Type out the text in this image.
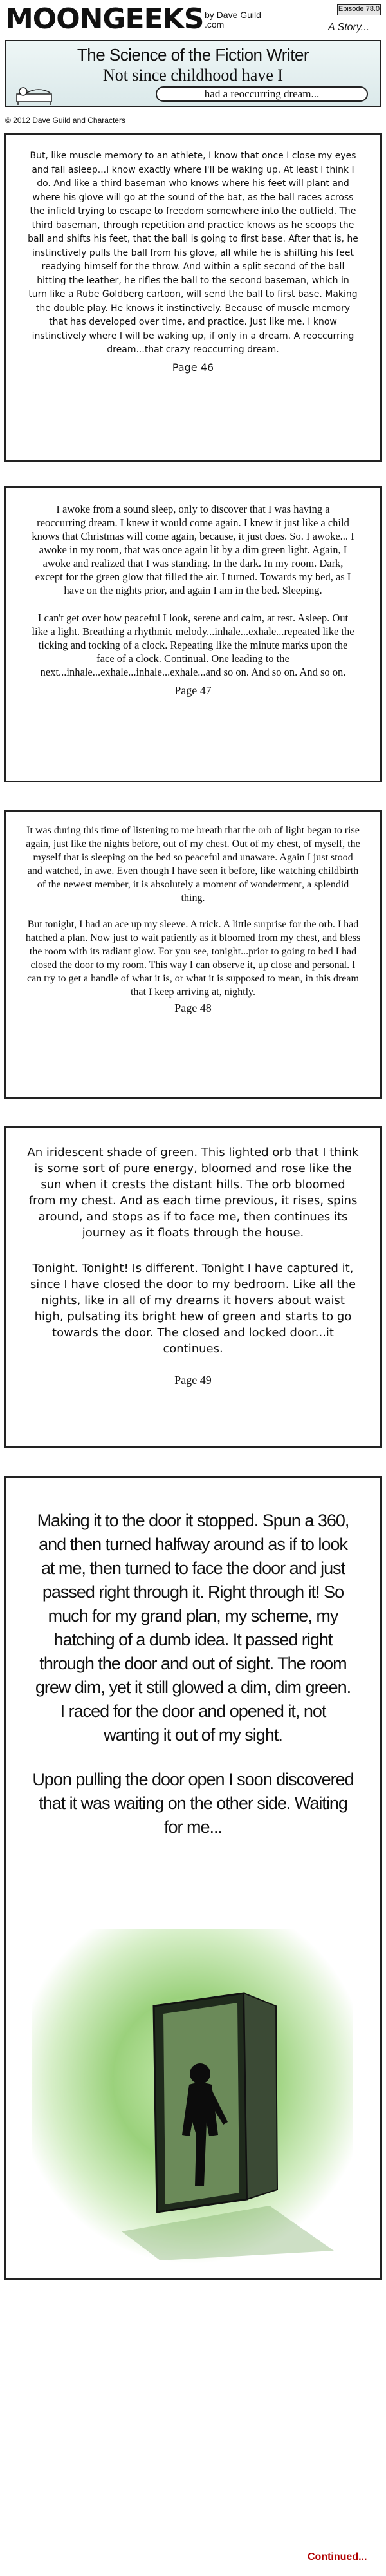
MOONGEEKS by Dave Guild
.com
Episode 78.0
A Story...
The Science of the Fiction Writer
Not since childhood have I
had a reoccurring dream...
© 2012 Dave Guild and Characters

But, like muscle memory to an athlete, I know that once I close my eyes and fall asleep...I know exactly where I'll be waking up. At least I think I do. And like a third baseman who knows where his feet will plant and where his glove will go at the sound of the bat, as the ball races across the infield trying to escape to freedom somewhere into the outfield. The third baseman, through repetition and practice knows as he scoops the ball and shifts his feet, that the ball is going to first base. After that is, he instinctively pulls the ball from his glove, all while he is shifting his feet readying himself for the throw. And within a split second of the ball hitting the leather, he rifles the ball to the second baseman, which in turn like a Rube Goldberg cartoon, will send the ball to first base. Making the double play. He knows it instinctively. Because of muscle memory that has developed over time, and practice. Just like me. I know instinctively where I will be waking up, if only in a dream. A reoccurring dream...that crazy reoccurring dream.

Page 46

I awoke from a sound sleep, only to discover that I was having a reoccurring dream. I knew it would come again. I knew it just like a child knows that Christmas will come again, because, it just does. So. I awoke... I awoke in my room, that was once again lit by a dim green light. Again, I awoke and realized that I was standing. In the dark. In my room. Dark, except for the green glow that filled the air. I turned. Towards my bed, as I have on the nights prior, and again I am in the bed. Sleeping.

I can't get over how peaceful I look, serene and calm, at rest. Asleep. Out like a light. Breathing a rhythmic melody...inhale...exhale...repeated like the ticking and tocking of a clock. Repeating like the minute marks upon the face of a clock. Continual. One leading to the next...inhale...exhale...inhale...exhale...and so on. And so on. And so on.

Page 47

It was during this time of listening to me breath that the orb of light began to rise again, just like the nights before, out of my chest. Out of my chest, of myself, the myself that is sleeping on the bed so peaceful and unaware. Again I just stood and watched, in awe. Even though I have seen it before, like watching childbirth of the newest member, it is absolutely a moment of wonderment, a splendid thing.

But tonight, I had an ace up my sleeve. A trick. A little surprise for the orb. I had hatched a plan. Now just to wait patiently as it bloomed from my chest, and bless the room with its radiant glow. For you see, tonight...prior to going to bed I had closed the door to my room. This way I can observe it, up close and personal. I can try to get a handle of what it is, or what it is supposed to mean, in this dream that I keep arriving at, nightly.

Page 48

An iridescent shade of green. This lighted orb that I think is some sort of pure energy, bloomed and rose like the sun when it crests the distant hills. The orb bloomed from my chest. And as each time previous, it rises, spins around, and stops as if to face me, then continues its journey as it floats through the house.

Tonight. Tonight! Is different. Tonight I have captured it, since I have closed the door to my bedroom. Like all the nights, like in all of my dreams it hovers about waist high, pulsating its bright hew of green and starts to go towards the door. The closed and locked door...it continues.

Page 49

Making it to the door it stopped. Spun a 360, and then turned halfway around as if to look at me, then turned to face the door and just passed right through it. Right through it! So much for my grand plan, my scheme, my hatching of a dumb idea. It passed right through the door and out of sight. The room grew dim, yet it still glowed a dim, dim green. I raced for the door and opened it, not wanting it out of my sight.

Upon pulling the door open I soon discovered that it was waiting on the other side. Waiting for me...

Continued...
